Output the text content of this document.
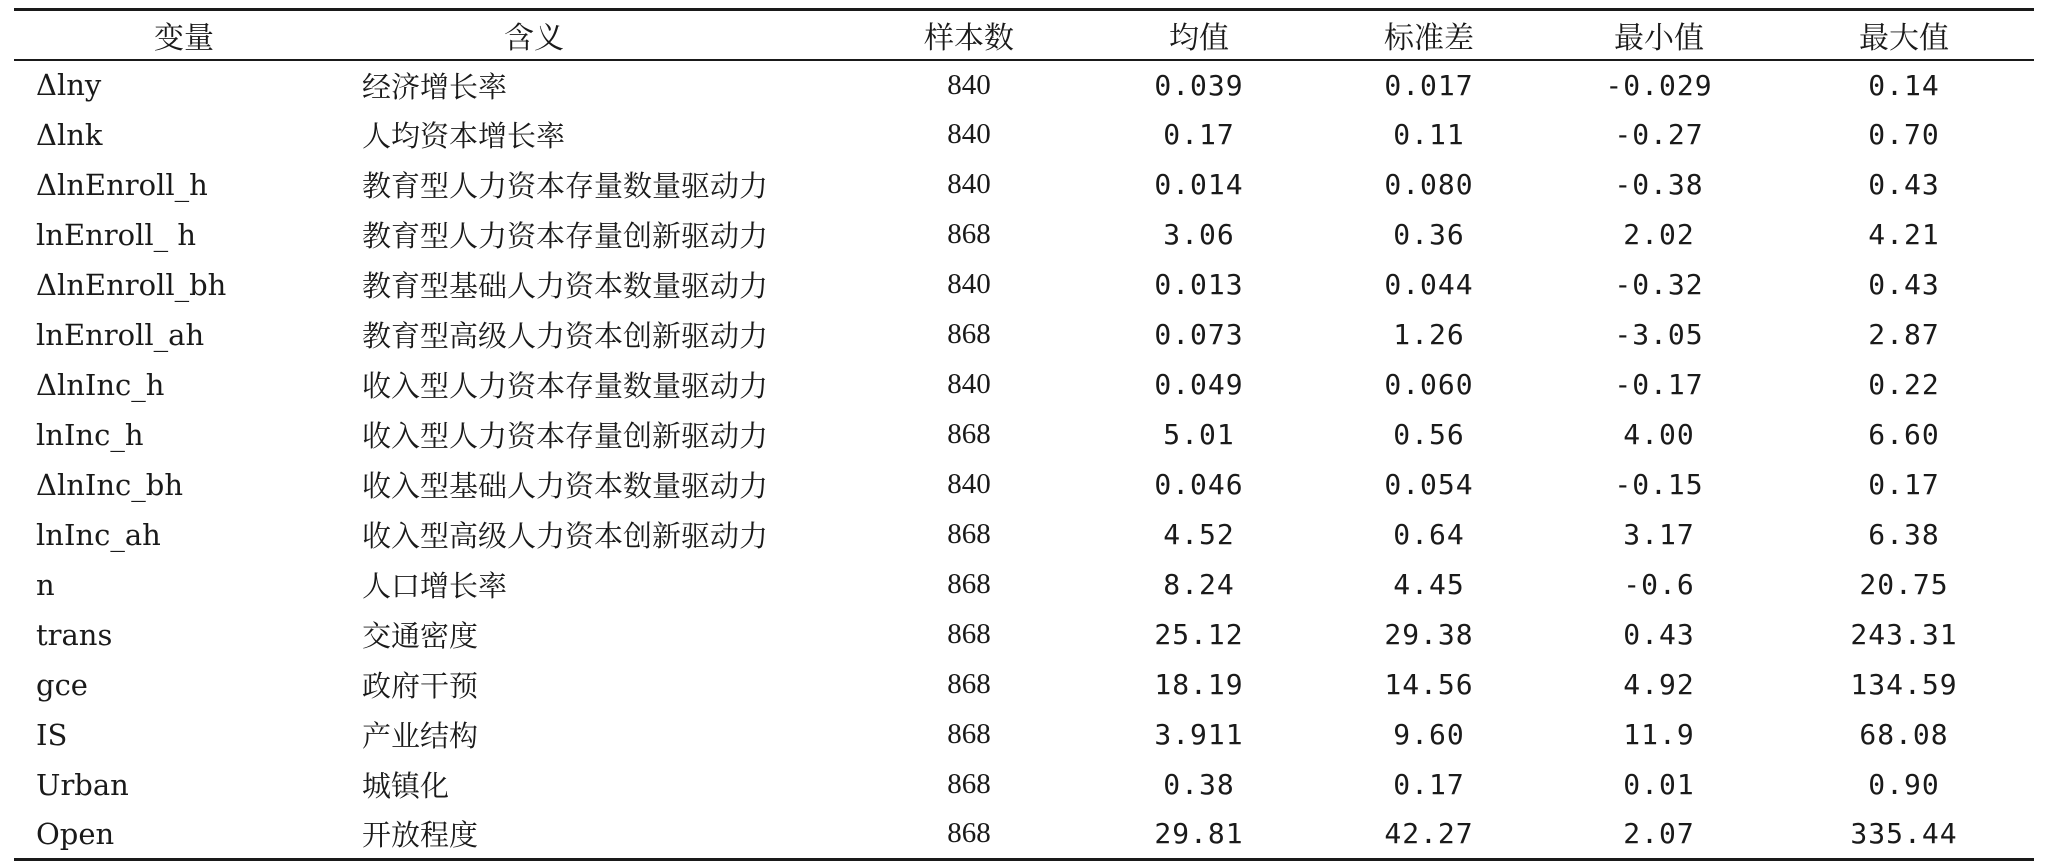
变量	含义	样本数	均值	标准差	最小值	最大值
Δlny	经济增长率	840	0.039	0.017	-0.029	0.14
Δlnk	人均资本增长率	840	0.17	0.11	-0.27	0.70
ΔlnEnroll_h	教育型人力资本存量数量驱动力	840	0.014	0.080	-0.38	0.43
lnEnroll_ h	教育型人力资本存量创新驱动力	868	3.06	0.36	2.02	4.21
ΔlnEnroll_bh	教育型基础人力资本数量驱动力	840	0.013	0.044	-0.32	0.43
lnEnroll_ah	教育型高级人力资本创新驱动力	868	0.073	1.26	-3.05	2.87
ΔlnInc_h	收入型人力资本存量数量驱动力	840	0.049	0.060	-0.17	0.22
lnInc_h	收入型人力资本存量创新驱动力	868	5.01	0.56	4.00	6.60
ΔlnInc_bh	收入型基础人力资本数量驱动力	840	0.046	0.054	-0.15	0.17
lnInc_ah	收入型高级人力资本创新驱动力	868	4.52	0.64	3.17	6.38
n	人口增长率	868	8.24	4.45	-0.6	20.75
trans	交通密度	868	25.12	29.38	0.43	243.31
gce	政府干预	868	18.19	14.56	4.92	134.59
IS	产业结构	868	3.911	9.60	11.9	68.08
Urban	城镇化	868	0.38	0.17	0.01	0.90
Open	开放程度	868	29.81	42.27	2.07	335.44
